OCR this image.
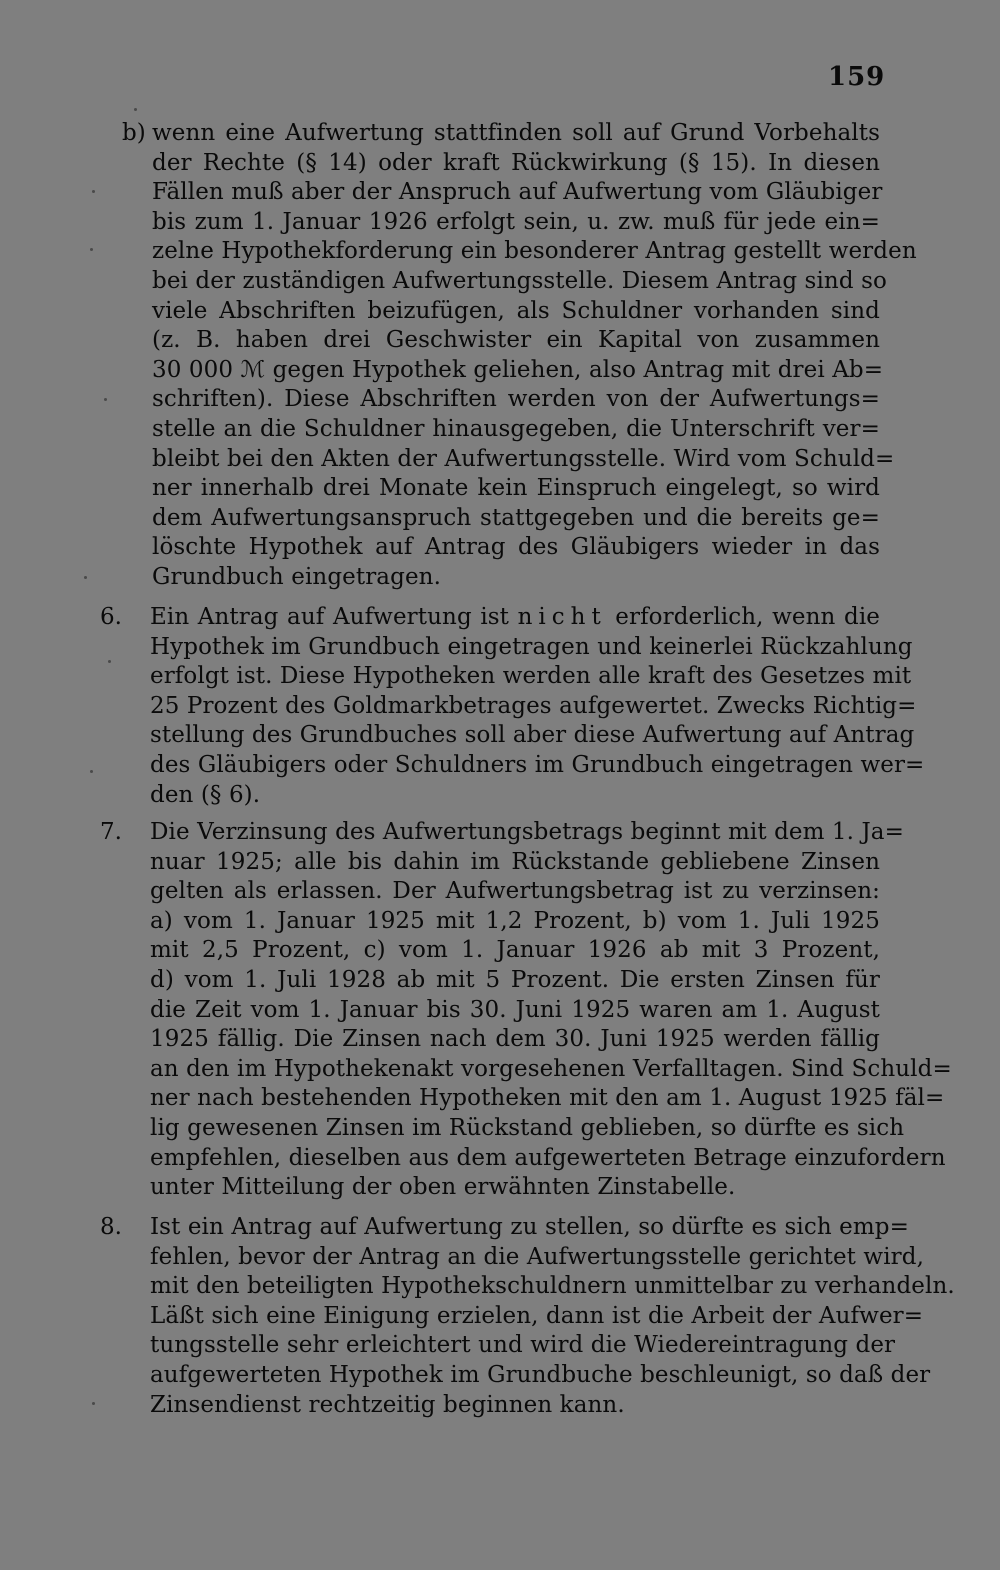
159
b) wenn eine Aufwertung stattfinden soll auf Grund Vorbehalts
der Rechte (§ 14) oder kraft Rückwirkung (§ 15). In diesen
Fällen muß aber der Anspruch auf Aufwertung vom Gläubiger
bis zum 1. Januar 1926 erfolgt sein, u. zw. muß für jede ein=
zelne Hypothekforderung ein besonderer Antrag gestellt werden
bei der zuständigen Aufwertungsstelle. Diesem Antrag sind so
viele Abschriften beizufügen, als Schuldner vorhanden sind
(z. B. haben drei Geschwister ein Kapital von zusammen
30 000 ℳ gegen Hypothek geliehen, also Antrag mit drei Ab=
schriften). Diese Abschriften werden von der Aufwertungs=
stelle an die Schuldner hinausgegeben, die Unterschrift ver=
bleibt bei den Akten der Aufwertungsstelle. Wird vom Schuld=
ner innerhalb drei Monate kein Einspruch eingelegt, so wird
dem Aufwertungsanspruch stattgegeben und die bereits ge=
löschte Hypothek auf Antrag des Gläubigers wieder in das
Grundbuch eingetragen.
6. Ein Antrag auf Aufwertung ist nicht erforderlich, wenn die
Hypothek im Grundbuch eingetragen und keinerlei Rückzahlung
erfolgt ist. Diese Hypotheken werden alle kraft des Gesetzes mit
25 Prozent des Goldmarkbetrages aufgewertet. Zwecks Richtig=
stellung des Grundbuches soll aber diese Aufwertung auf Antrag
des Gläubigers oder Schuldners im Grundbuch eingetragen wer=
den (§ 6).
7. Die Verzinsung des Aufwertungsbetrags beginnt mit dem 1. Ja=
nuar 1925; alle bis dahin im Rückstande gebliebene Zinsen
gelten als erlassen. Der Aufwertungsbetrag ist zu verzinsen:
a) vom 1. Januar 1925 mit 1,2 Prozent, b) vom 1. Juli 1925
mit 2,5 Prozent, c) vom 1. Januar 1926 ab mit 3 Prozent,
d) vom 1. Juli 1928 ab mit 5 Prozent. Die ersten Zinsen für
die Zeit vom 1. Januar bis 30. Juni 1925 waren am 1. August
1925 fällig. Die Zinsen nach dem 30. Juni 1925 werden fällig
an den im Hypothekenakt vorgesehenen Verfalltagen. Sind Schuld=
ner nach bestehenden Hypotheken mit den am 1. August 1925 fäl=
lig gewesenen Zinsen im Rückstand geblieben, so dürfte es sich
empfehlen, dieselben aus dem aufgewerteten Betrage einzufordern
unter Mitteilung der oben erwähnten Zinstabelle.
8. Ist ein Antrag auf Aufwertung zu stellen, so dürfte es sich emp=
fehlen, bevor der Antrag an die Aufwertungsstelle gerichtet wird,
mit den beteiligten Hypothekschuldnern unmittelbar zu verhandeln.
Läßt sich eine Einigung erzielen, dann ist die Arbeit der Aufwer=
tungsstelle sehr erleichtert und wird die Wiedereintragung der
aufgewerteten Hypothek im Grundbuche beschleunigt, so daß der
Zinsendienst rechtzeitig beginnen kann.
